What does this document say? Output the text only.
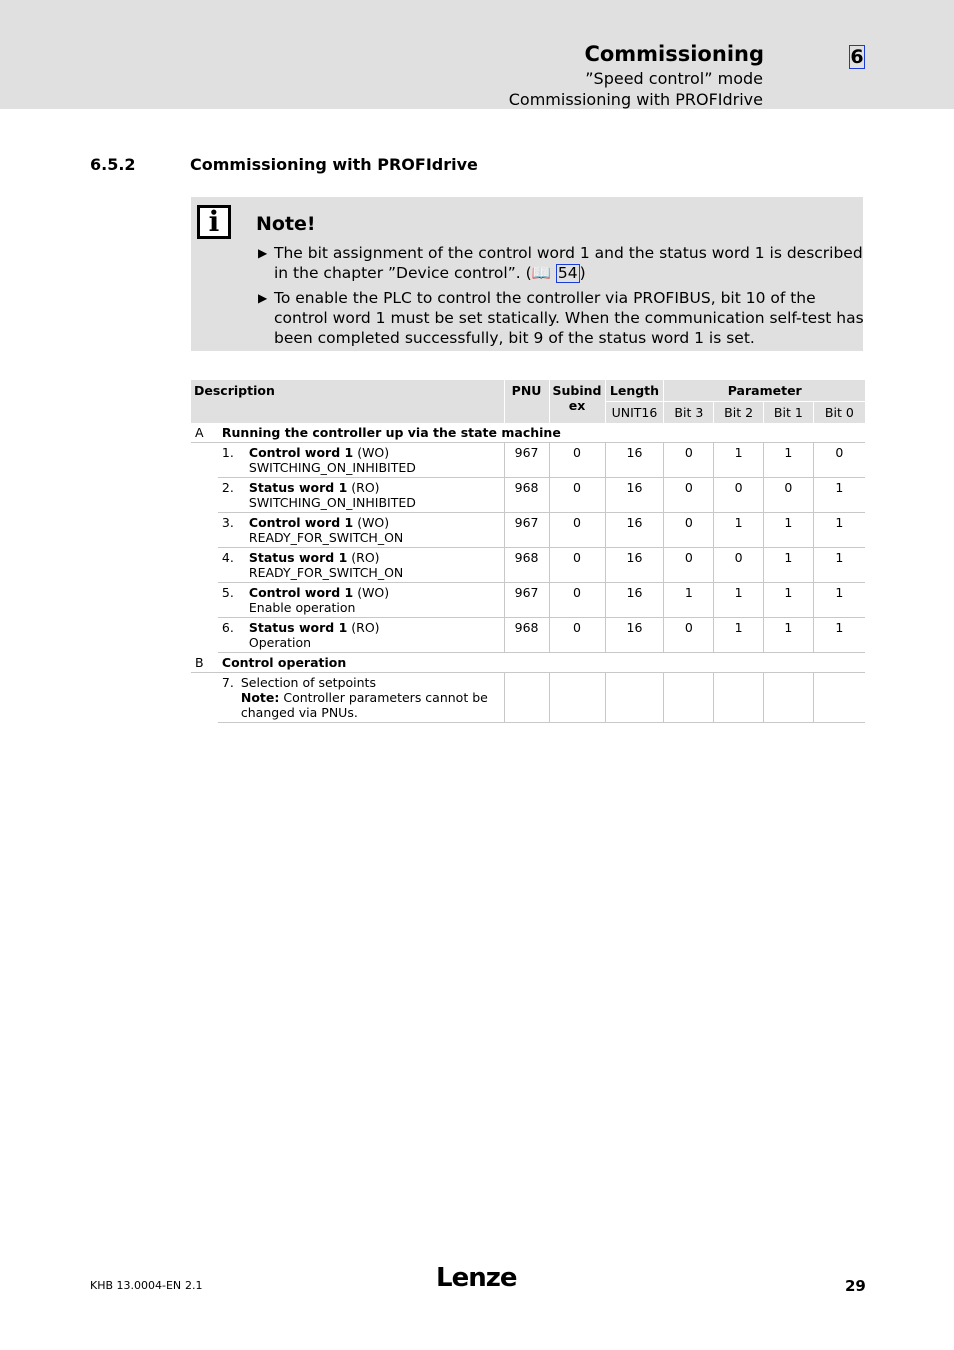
Commissioning
”Speed control” mode
Commissioning with PROFIdrive
6
6.5.2	Commissioning with PROFIdrive
i	Note!
▶ The bit assignment of the control word 1 and the status word 1 is described in the chapter ”Device control”. (📖 54 )
▶ To enable the PLC to control the controller via PROFIBUS, bit 10 of the control word 1 must be set statically. When the communication self-test has been completed successfully, bit 9 of the status word 1 is set.
Description		PNU	Subind ex	Length	Parameter			
				UNIT16	Bit 3	Bit 2	Bit 1	Bit 0
A	Running the controller up via the state machine							

	1. Control word 1 (WO)
SWITCHING_ON_INHIBITED	967	0	16	0	1	1	0

	2. Status word 1 (RO)
SWITCHING_ON_INHIBITED	968	0	16	0	0	0	1

	3. Control word 1 (WO)
READY_FOR_SWITCH_ON	967	0	16	0	1	1	1

	4. Status word 1 (RO)
READY_FOR_SWITCH_ON	968	0	16	0	0	1	1

	5. Control word 1 (WO)
Enable operation	967	0	16	1	1	1	1

	6. Status word 1 (RO)
Operation	968	0	16	0	1	1	1
B	Control operation							

	7. Selection of setpoints
Note: Controller parameters cannot be changed via PNUs.							

KHB 13.0004-EN 2.1	Lenze	29
